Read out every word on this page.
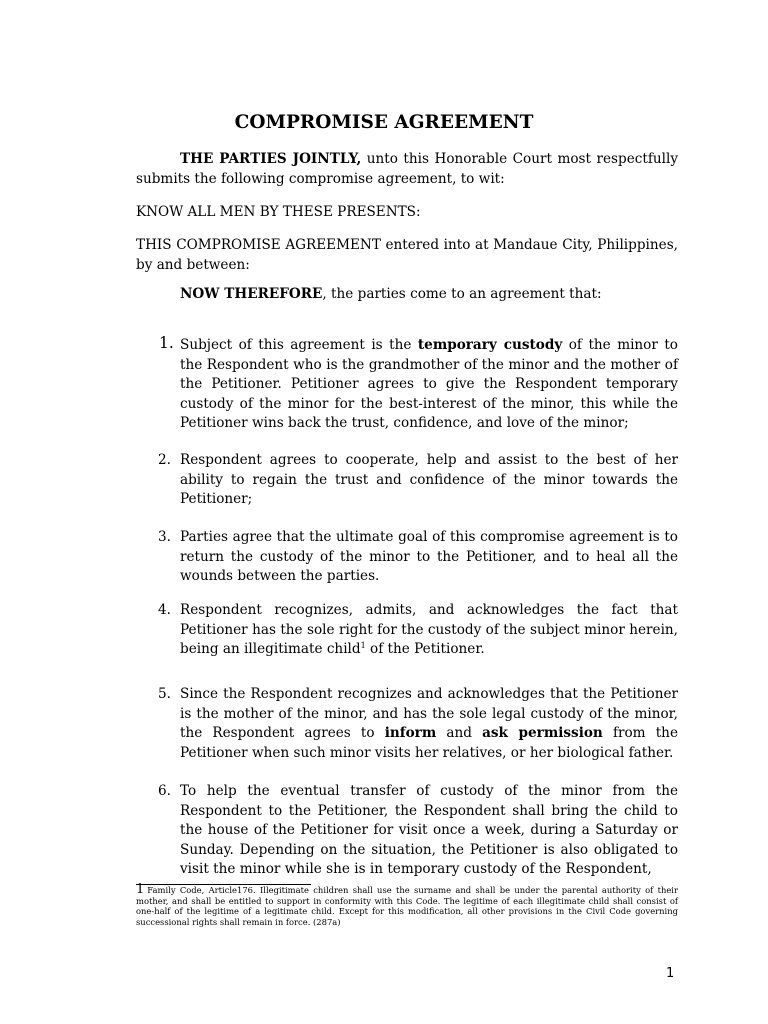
COMPROMISE AGREEMENT
THE PARTIES JOINTLY, unto this Honorable Court most respectfully submits the following compromise agreement, to wit:
KNOW ALL MEN BY THESE PRESENTS:
THIS COMPROMISE AGREEMENT entered into at Mandaue City, Philippines, by and between:
NOW THEREFORE, the parties come to an agreement that:
1. Subject of this agreement is the temporary custody of the minor to the Respondent who is the grandmother of the minor and the mother of the Petitioner. Petitioner agrees to give the Respondent temporary custody of the minor for the best-interest of the minor, this while the Petitioner wins back the trust, confidence, and love of the minor;
2. Respondent agrees to cooperate, help and assist to the best of her ability to regain the trust and confidence of the minor towards the Petitioner;
3. Parties agree that the ultimate goal of this compromise agreement is to return the custody of the minor to the Petitioner, and to heal all the wounds between the parties.
4. Respondent recognizes, admits, and acknowledges the fact that Petitioner has the sole right for the custody of the subject minor herein, being an illegitimate child$^1$ of the Petitioner.
5. Since the Respondent recognizes and acknowledges that the Petitioner is the mother of the minor, and has the sole legal custody of the minor, the Respondent agrees to inform and ask permission from the Petitioner when such minor visits her relatives, or her biological father.
6. To help the eventual transfer of custody of the minor from the Respondent to the Petitioner, the Respondent shall bring the child to the house of the Petitioner for visit once a week, during a Saturday or Sunday. Depending on the situation, the Petitioner is also obligated to visit the minor while she is in temporary custody of the Respondent,
1 Family Code, Article176. Illegitimate children shall use the surname and shall be under the parental authority of their mother, and shall be entitled to support in conformity with this Code. The legitime of each illegitimate child shall consist of one-half of the legitime of a legitimate child. Except for this modification, all other provisions in the Civil Code governing successional rights shall remain in force. (287a)
1
